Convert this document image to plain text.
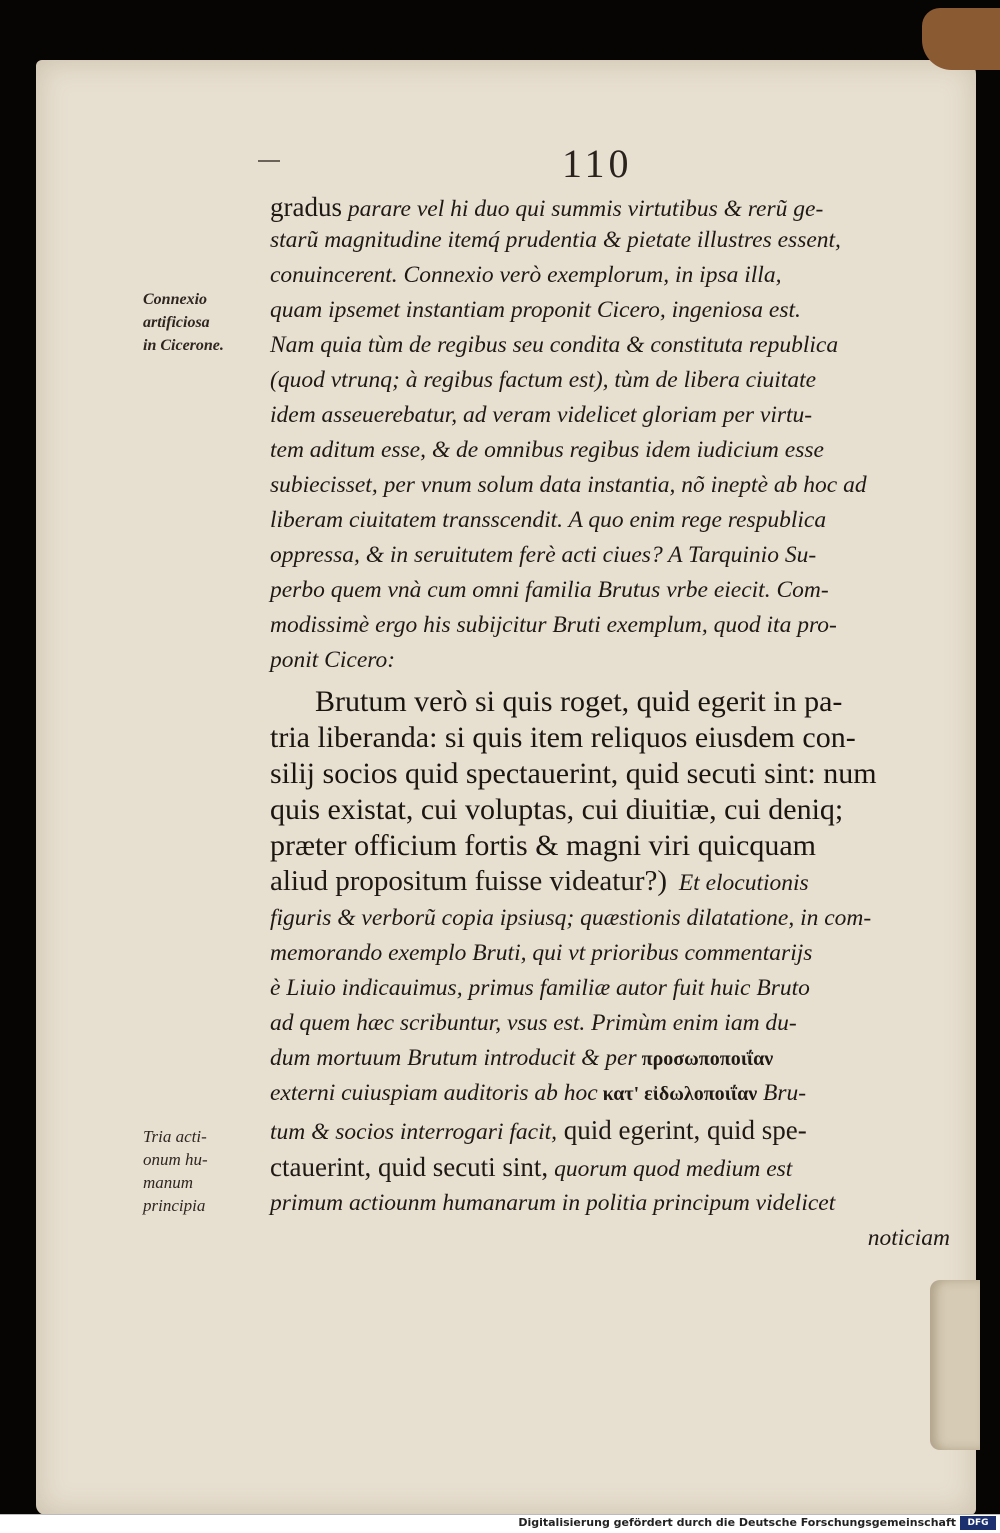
110
Connexio
artificiosa
in Cicerone.
Tria acti-
onum hu-
manum
principia
gradus parare vel hi duo qui summis virtutibus & rerũ ge-
starũ magnitudine itemq́ prudentia & pietate illustres essent,
conuincerent. Connexio verò exemplorum, in ipsa illa,
quam ipsemet instantiam proponit Cicero, ingeniosa est.
Nam quia tùm de regibus seu condita & constituta republica
(quod vtrunq; à regibus factum est), tùm de libera ciuitate
idem asseuerebatur, ad veram videlicet gloriam per virtu-
tem aditum esse, & de omnibus regibus idem iudicium esse
subiecisset, per vnum solum data instantia, nõ ineptè ab hoc ad
liberam ciuitatem transscendit. A quo enim rege respublica
oppressa, & in seruitutem ferè acti ciues? A Tarquinio Su-
perbo quem vnà cum omni familia Brutus vrbe eiecit. Com-
modissimè ergo his subijcitur Bruti exemplum, quod ita pro-
ponit Cicero:
Brutum verò si quis roget, quid egerit in pa-
tria liberanda: si quis item reliquos eiusdem con-
silij socios quid spectauerint, quid secuti sint: num
quis existat, cui voluptas, cui diuitiæ, cui deniq;
præter officium fortis & magni viri quicquam
aliud propositum fuisse videatur?)  Et elocutionis
figuris & verborũ copia ipsiusq; quæstionis dilatatione, in com-
memorando exemplo Bruti, qui vt prioribus commentarijs
è Liuio indicauimus, primus familiæ autor fuit huic Bruto
ad quem hæc scribuntur, vsus est. Primùm enim iam du-
dum mortuum Brutum introducit & per προσωποποιΐαν
externi cuiuspiam auditoris ab hoc κατ' εἰδωλοποιΐαν Bru-
tum & socios interrogari facit, quid egerint, quid spe-
ctauerint, quid secuti sint, quorum quod medium est
primum actiounm humanarum in politia principum videlicet
noticiam
Digitalisierung gefördert durch die Deutsche Forschungsgemeinschaft	DFG
